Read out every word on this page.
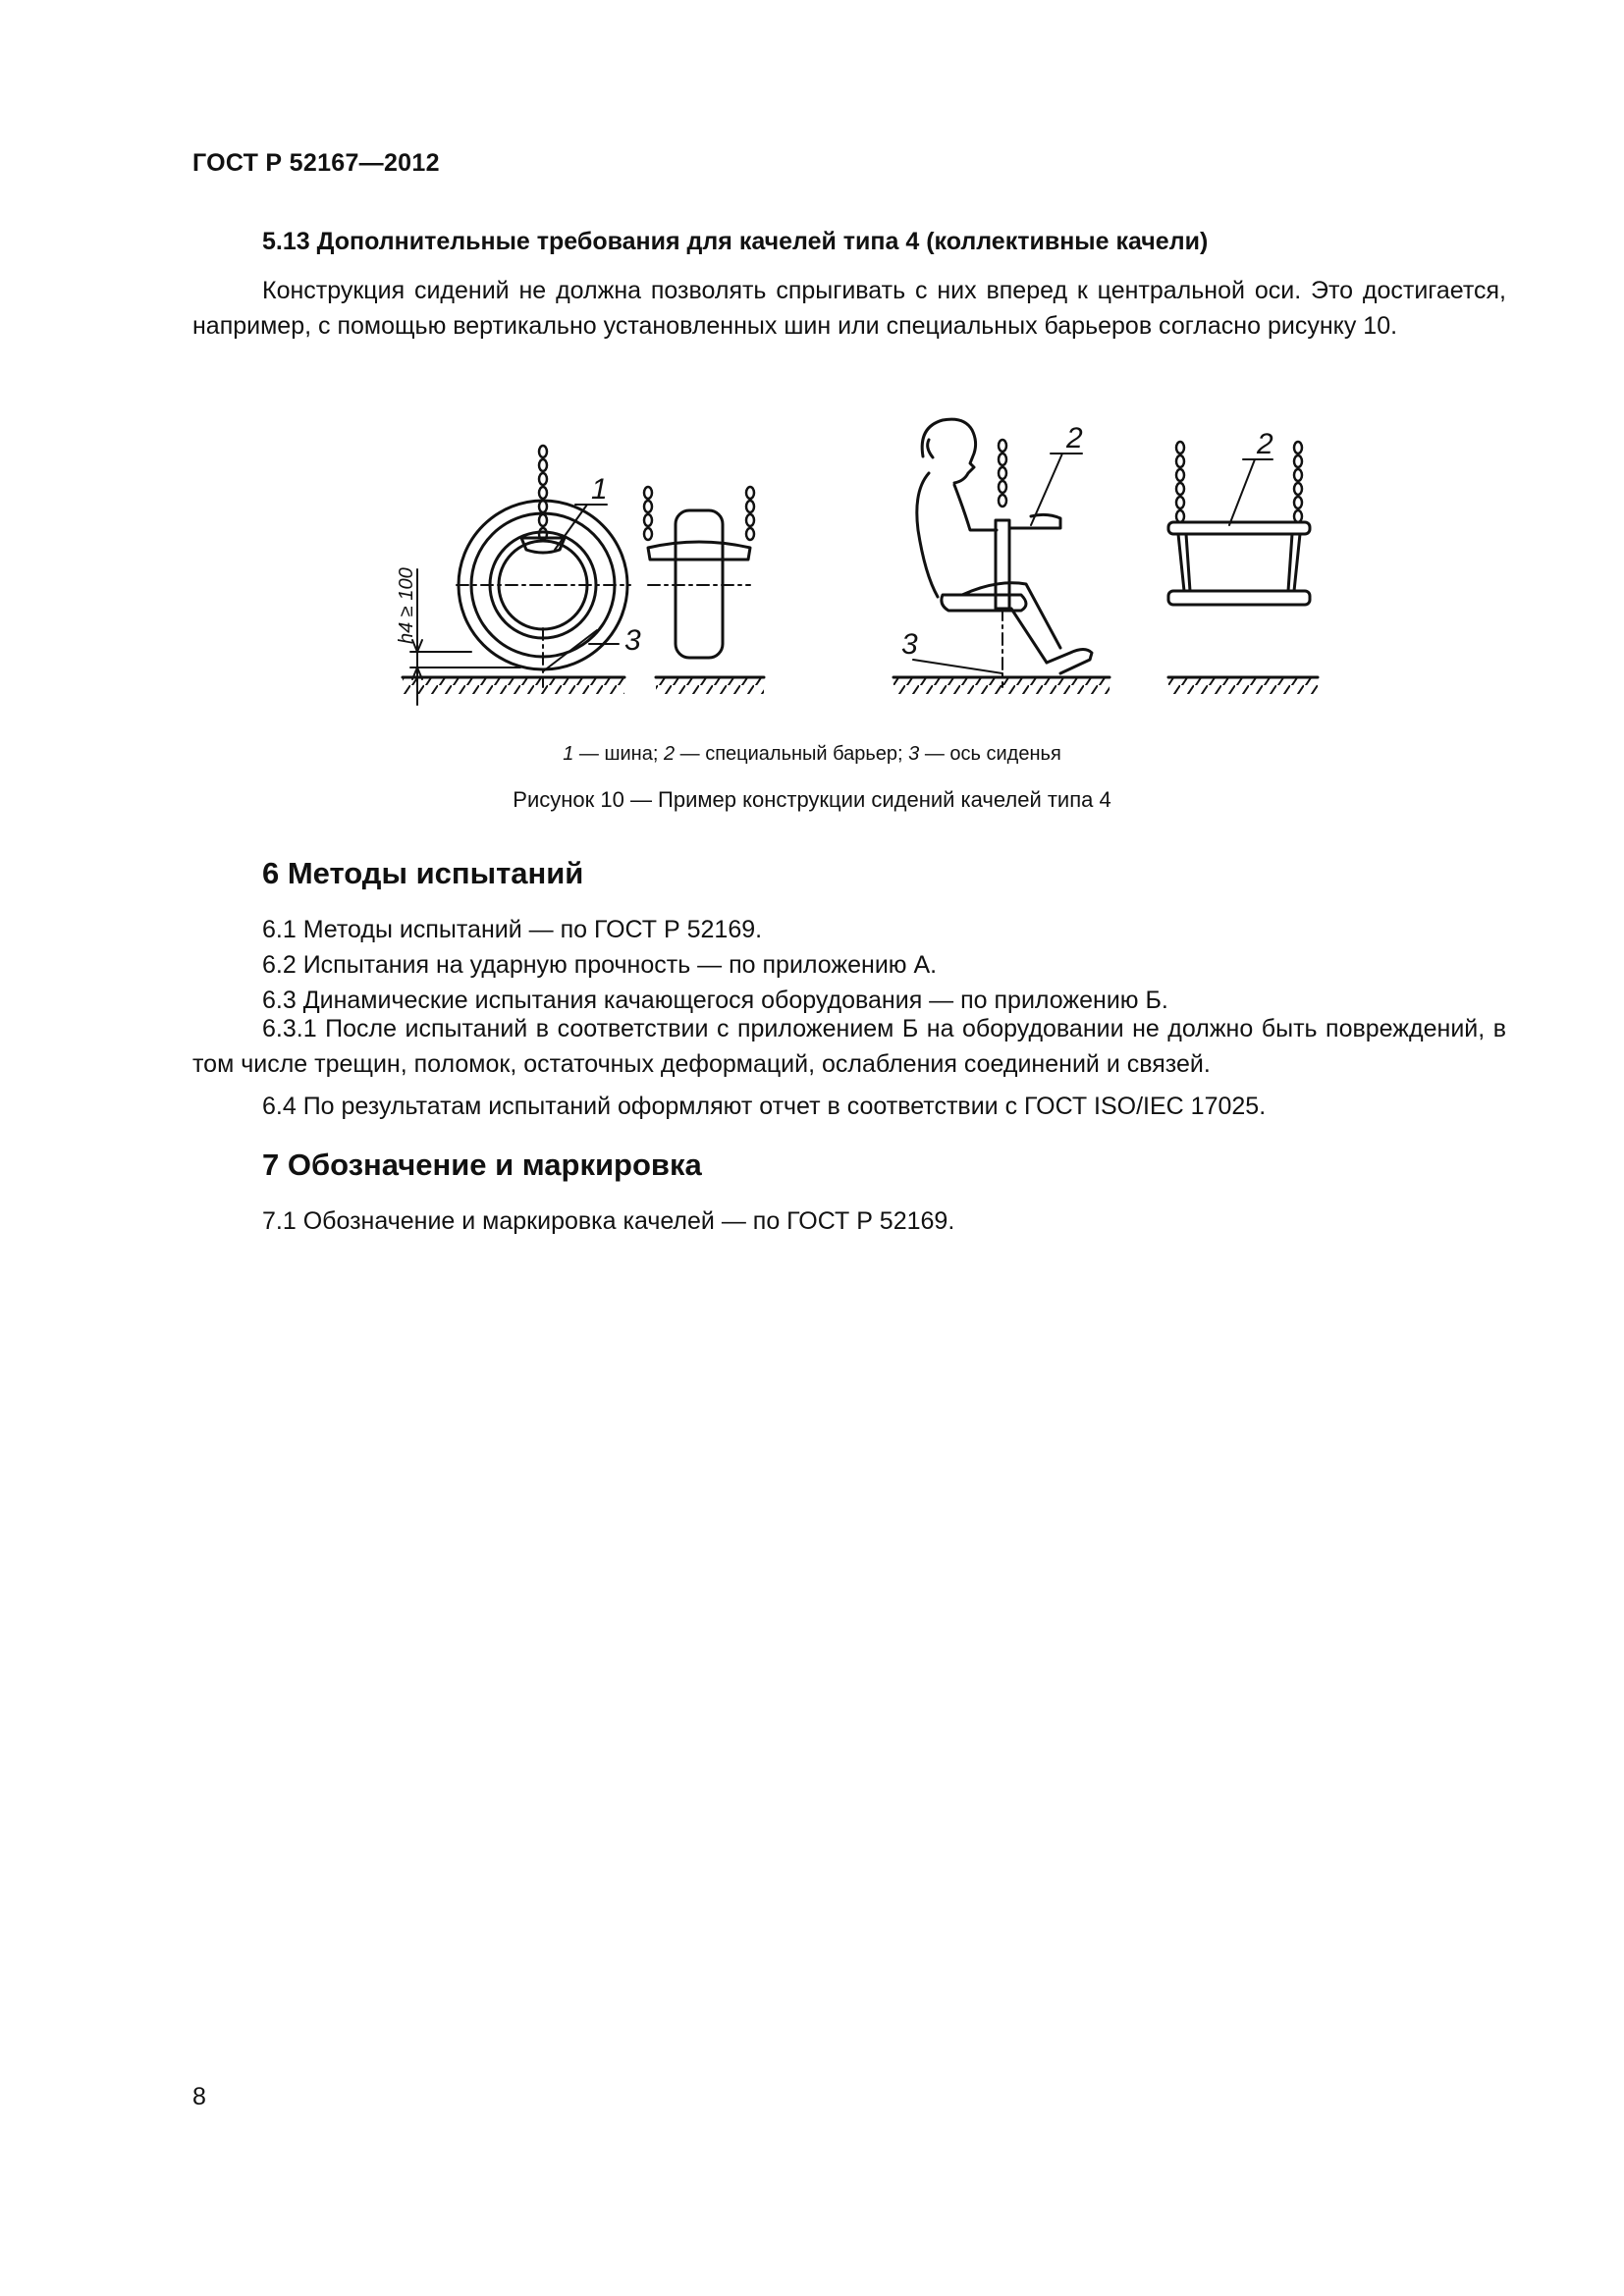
ГОСТ Р 52167—2012
5.13 Дополнительные требования для качелей типа 4 (коллективные качели)
Конструкция сидений не должна позволять спрыгивать с них вперед к центральной оси. Это достигается, например, с помощью вертикально установленных шин или специальных барьеров согласно рисунку 10.
1
3
2
3
2
h4 ≥ 100
1 — шина; 2 — специальный барьер; 3 — ось сиденья
Рисунок 10 — Пример конструкции сидений качелей типа 4
6 Методы испытаний
6.1 Методы испытаний — по ГОСТ Р 52169.
6.2 Испытания на ударную прочность — по приложению А.
6.3 Динамические испытания качающегося оборудования — по приложению Б.
6.3.1 После испытаний в соответствии с приложением Б на оборудовании не должно быть повреждений, в том числе трещин, поломок, остаточных деформаций, ослабления соединений и связей.
6.4 По результатам испытаний оформляют отчет в соответствии с ГОСТ ISO/IEC 17025.
7 Обозначение и маркировка
7.1 Обозначение и маркировка качелей — по ГОСТ Р 52169.
8
